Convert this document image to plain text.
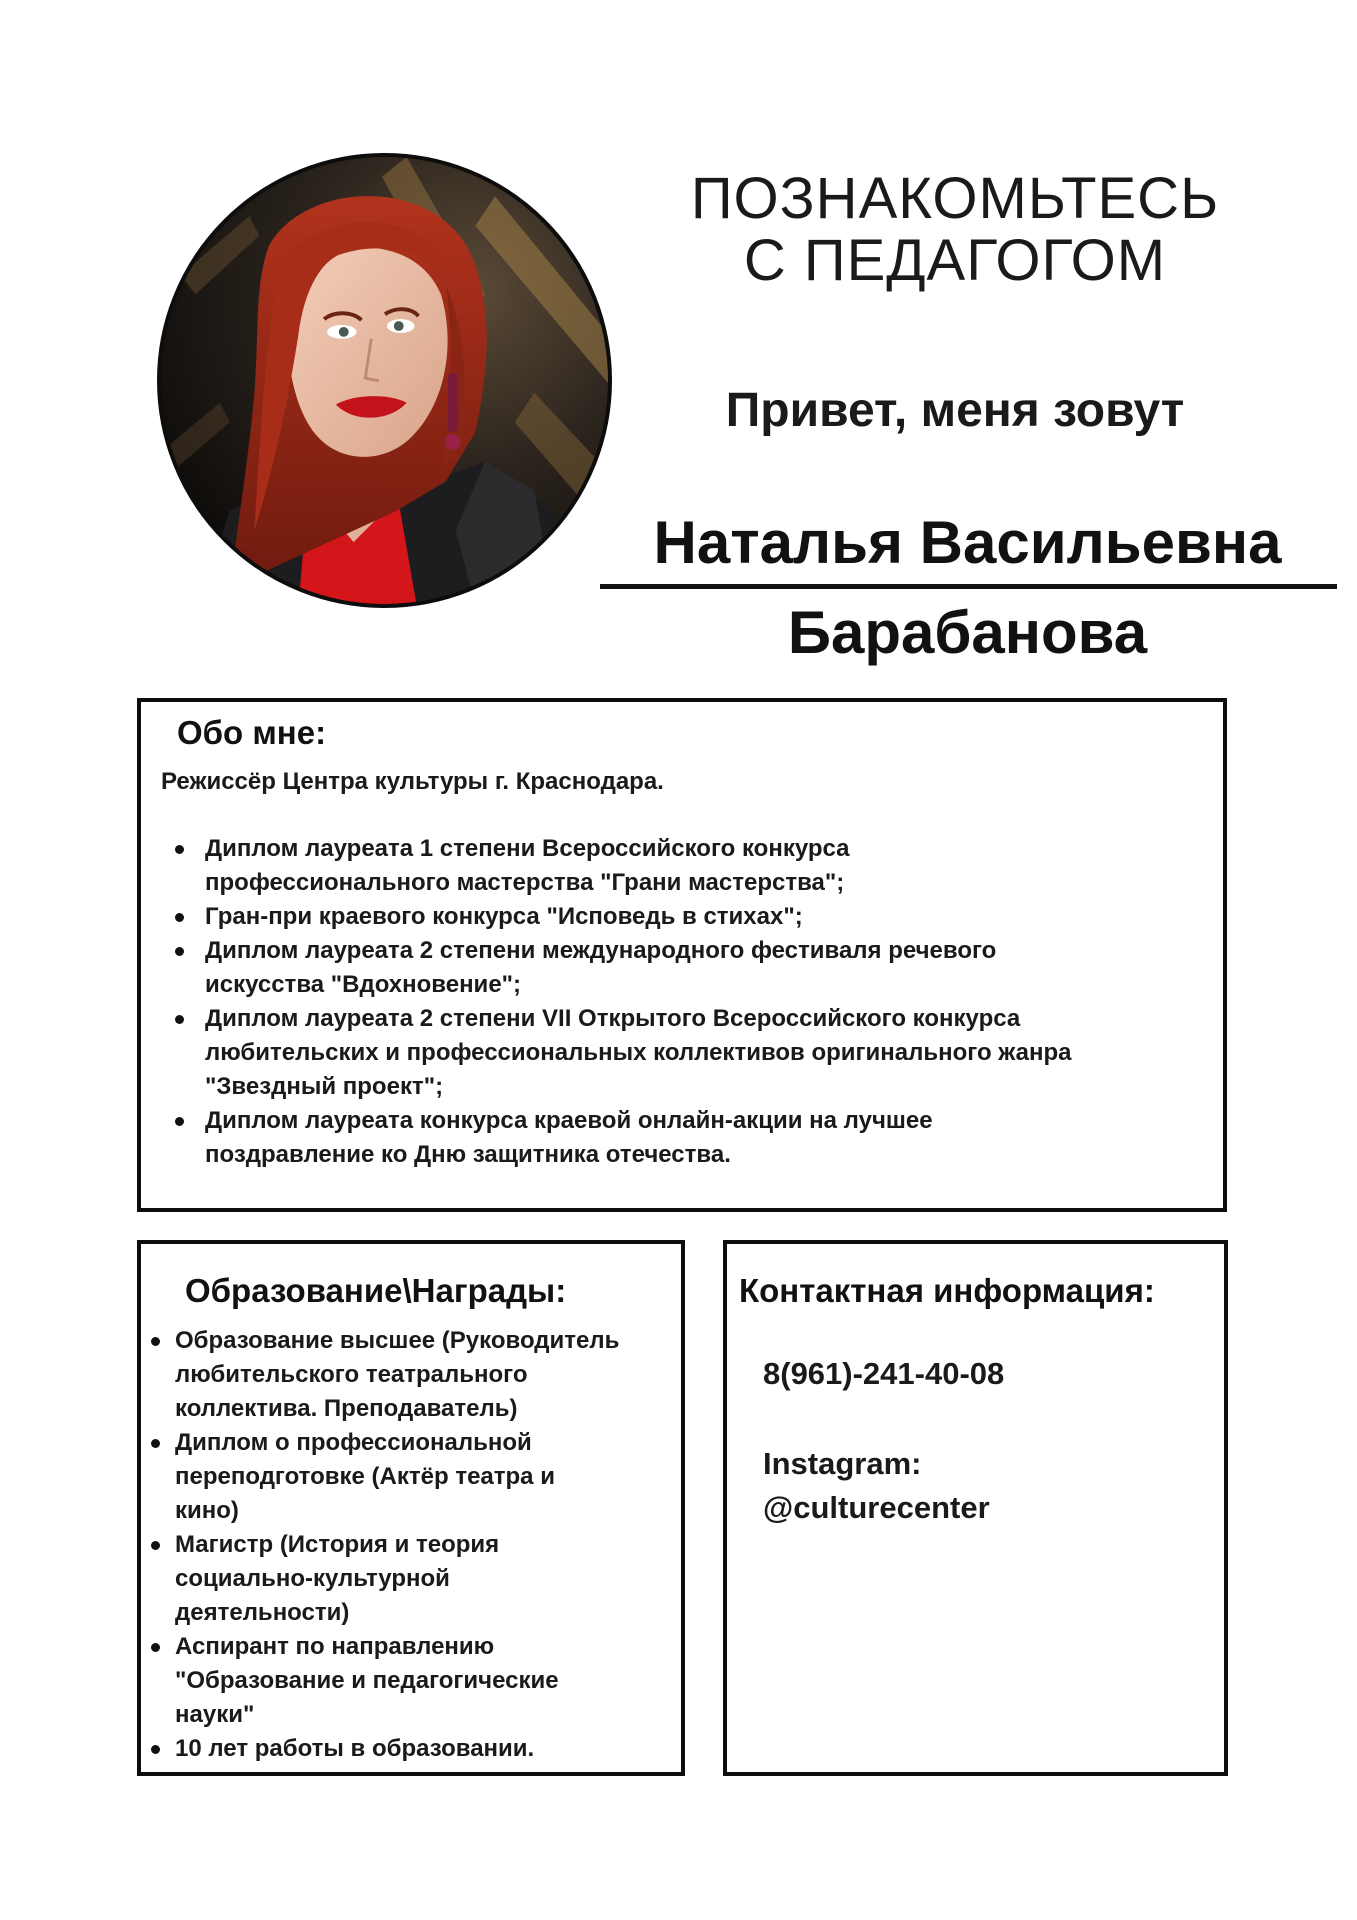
ПОЗНАКОМЬТЕСЬ
С ПЕДАГОГОМ
Привет, меня зовут
Наталья Васильевна
Барабанова
Обо мне:
Режиссёр Центра культуры г. Краснодара.
Диплом лауреата 1 степени Всероссийского конкурса
профессионального мастерства "Грани мастерства";
Гран-при краевого конкурса "Исповедь в стихах";
Диплом лауреата 2 степени международного фестиваля речевого
искусства "Вдохновение";
Диплом лауреата 2 степени VII Открытого Всероссийского конкурса
любительских и профессиональных коллективов оригинального жанра
"Звездный проект";
Диплом лауреата конкурса краевой онлайн-акции на лучшее
поздравление ко Дню защитника отечества.
Образование\Награды:
Образование высшее (Руководитель
любительского театрального
коллектива. Преподаватель)
Диплом о профессиональной
переподготовке (Актёр театра и
кино)
Магистр (История и теория
социально-культурной
деятельности)
Аспирант по направлению
"Образование и педагогические
науки"
10 лет работы в образовании.
Контактная информация:
8(961)-241-40-08
Instagram:
@culturecenter
